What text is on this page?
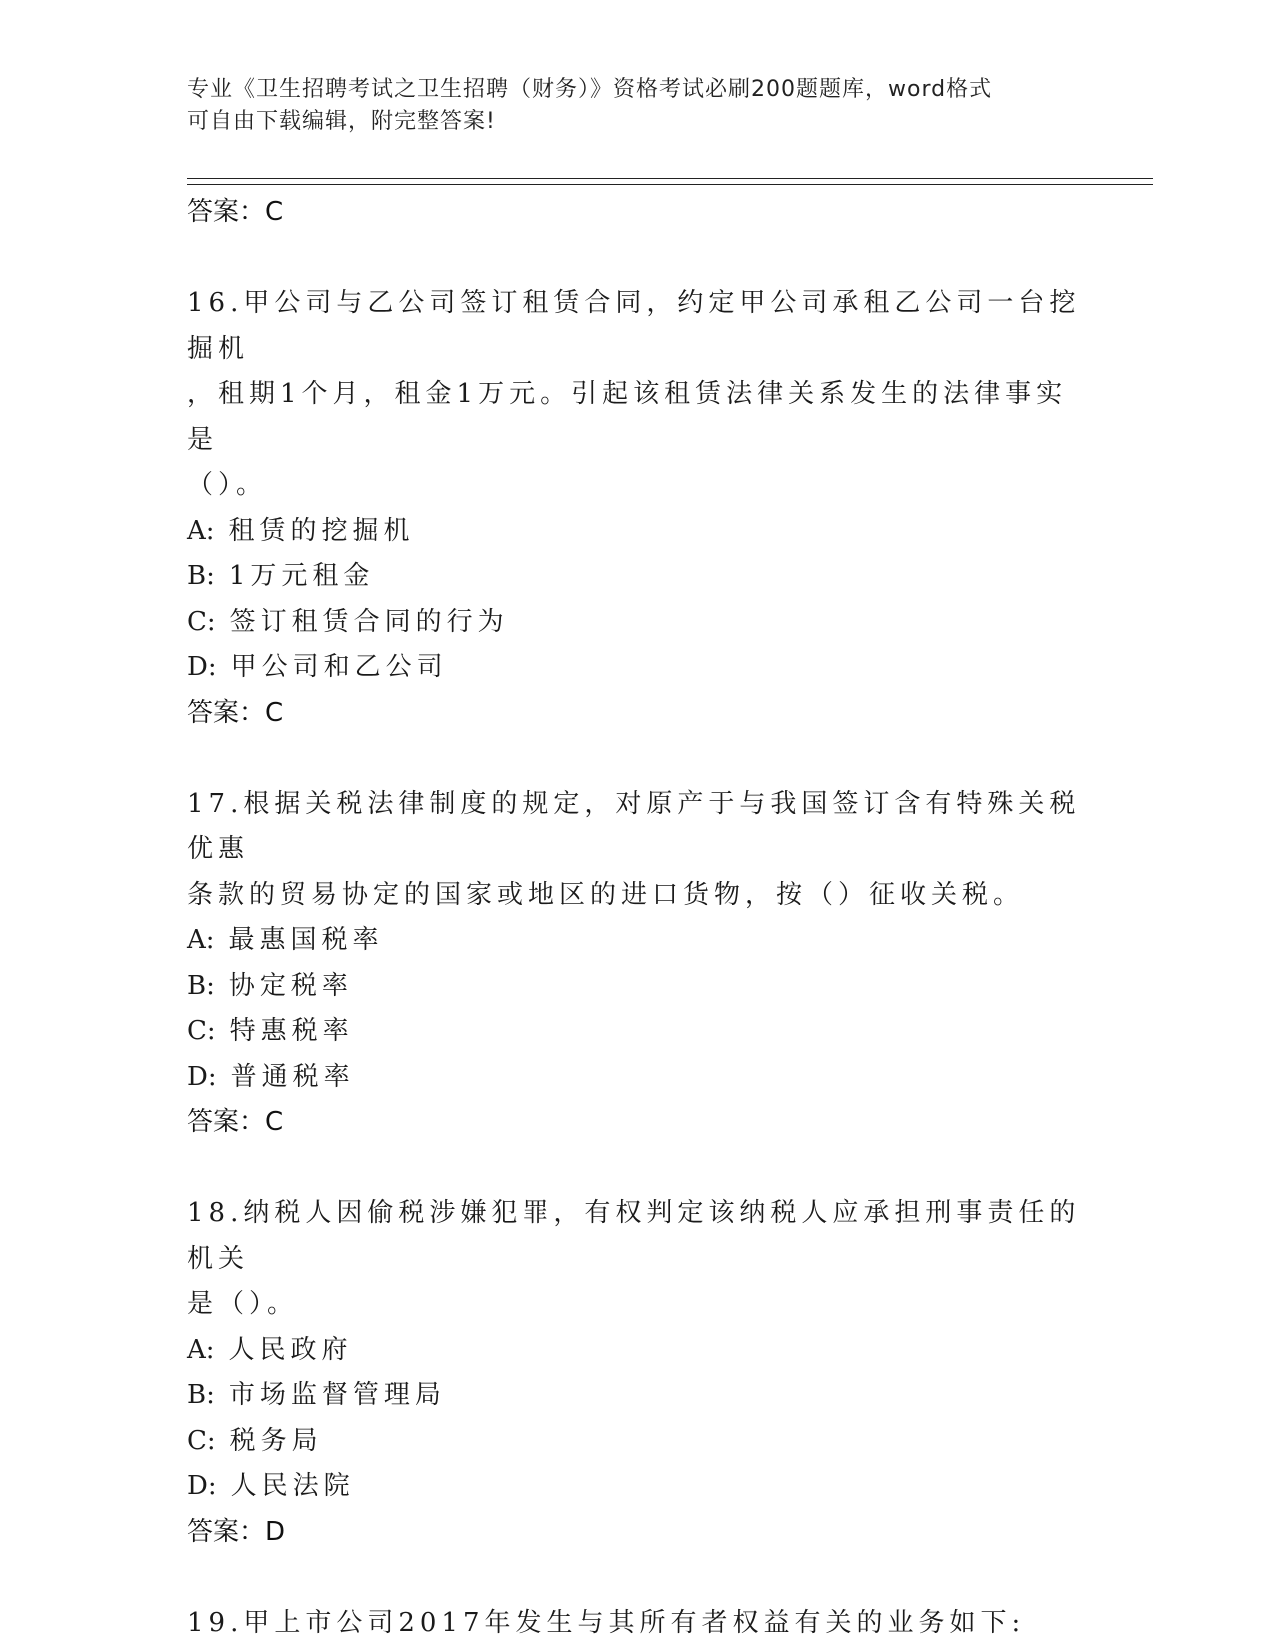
专业《卫生招聘考试之卫生招聘（财务）》资格考试必刷200题题库，word格式
可自由下载编辑，附完整答案!
答案：C
16.甲公司与乙公司签订租赁合同，约定甲公司承租乙公司一台挖掘机
，租期1个月，租金1万元。引起该租赁法律关系发生的法律事实是
（）。
A: 租赁的挖掘机
B: 1万元租金
C: 签订租赁合同的行为
D: 甲公司和乙公司
答案：C
17.根据关税法律制度的规定，对原产于与我国签订含有特殊关税优惠
条款的贸易协定的国家或地区的进口货物，按（）征收关税。
A: 最惠国税率
B: 协定税率
C: 特惠税率
D: 普通税率
答案：C
18.纳税人因偷税涉嫌犯罪，有权判定该纳税人应承担刑事责任的机关
是（）。
A: 人民政府
B: 市场监督管理局
C: 税务局
D: 人民法院
答案：D
19.甲上市公司2017年发生与其所有者权益有关的业务如下:
